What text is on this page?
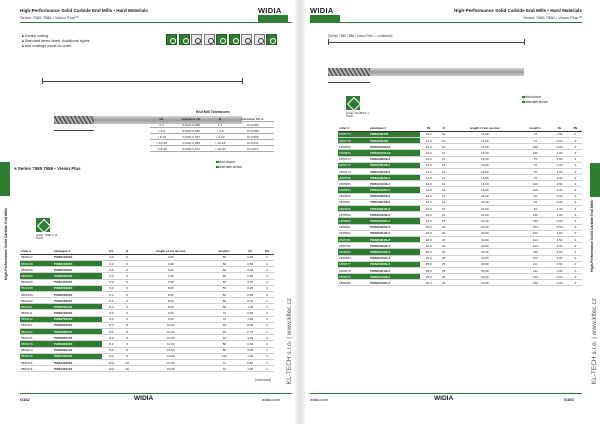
High-Performance Solid Carbide End Mills • Hard Materials
Series 7585 7586 • Vision Plus™
WIDIA
HANITA
■ Centre cutting.
■ Standard items listed. Additional styles
■ and coatings made-to-order.
End Mill Tolerances
D1	tolerance e8	D	tolerance h6 +/-
≤ 3	-0,014/-0,028	≤ 3	0/-0,006
> 3-6	-0,020/-0,038	> 3-6	0/-0,008
> 6-10	-0,025/-0,047	> 6-10	0/-0,009
> 10-18	-0,032/-0,059	> 10-18	0/-0,011
> 18-30	-0,040/-0,073	> 18-30	0/-0,013
first choice
alternate choice
■ Series 7585 7586 • Vision Plus
High-Performance Solid Carbide End Mills	grade: 7586 4-T1
TiAlN
order #	catalogue #	D1	D	length of cut ap max	length L	Rε	ZN
5860017	7586010002Z	3,0	6	4,00	50	0,25	4
5860018	7586010005Z	3,0	6	4,00	50	0,50	4
5860020	7586020005Z	4,0	6	6,00	50	0,50	4
5860022	7586030005Z	4,0	6	7,00	50	0,50	4
5860025	7586040005Z	5,0	6	7,00	50	0,50	4
5862108	7586050002Z	6,0	6	8,00	50	0,25	4
5862109	7586050005Z	6,0	6	8,00	50	0,50	4
5862110	7586050007Z	6,0	6	8,00	50	0,75	4
5862111	7586050010Z	6,0	6	8,00	50	1,00	4
5859011	7586070005Z	6,0	6	9,00	70	0,50	4
5859012	7586070010Z	6,0	6	9,00	70	1,00	4
5862112	7586080005Z	8,0	8	10,00	63	0,50	4
5862113	7586080007Z	8,0	8	10,00	63	0,75	4
5862114	7586080010Z	8,0	8	10,00	63	1,00	4
5866276	7586090005Z	8,0	8	12,00	80	0,50	4
5859014	7586090010Z	8,0	8	12,00	80	1,00	4
5859015	7586100010Z	8,0	8	12,00	100	1,00	4
5862115	7586100005Z	10,0	10	16,00	72	0,50	4
5862116	7586100010Z	10,0	10	16,00	72	1,00	4
(continued)
G162	WIDIA	widia.com
KL-TECH s.r.o. | www.kltec.cz
WIDIA
HANITA
High-Performance Solid Carbide End Mills • Hard Materials
Series 7585 7586 • Vision Plus™
(Series 7585 7586 • Vision Plus — continued)
grade: TiA-BNLT-1
TiAlN
first choice
alternate choice
order #	catalogue #	D1	D	length of cut ap max	length L	Rε	ZN
2565777	7586100015Z	10,0	10	16,00	72	1,50	4
2565778	7586100020Z	10,0	10	16,00	72	2,00	4
1856552	7586100100AZ	10,0	10	16,00	100	0,50	4
1856553	7586100101AZ	10,0	10	16,00	100	1,00	4
1856172	7586120005LZ	12,0	12	16,00	76	0,50	4
2565779	7586120010LZ	12,0	12	16,00	76	1,00	4
1856174	7586120015LZ	12,0	12	16,00	76	1,50	4
2565780	7586120020LZ	12,0	12	16,00	76	2,00	4
1856555	7586120100LZ	12,0	12	16,00	120	0,50	4
1856554	7586120101LZ	12,0	12	16,00	120	1,00	4
1856556	7586160005LZ	16,0	16	24,00	92	0,50	4
1856557	7586160010LZ	16,0	16	24,00	92	1,00	4
1856558	7586160015LZ	16,0	16	24,00	92	2,00	4
1856559	7586160100LZ	16,0	16	24,00	150	1,00	4
1856560	7586160101LZ	16,0	16	24,00	150	2,00	4
1856561	7586200005LZ	20,0	20	30,00	104	0,50	4
1856562	7586200010LZ	20,0	20	30,00	104	1,00	4
2565781	7586200015LZ	20,0	20	30,00	104	1,50	4
2565782	7586200020LZ	20,0	20	30,00	104	2,00	4
1856563	7586200100LZ	20,0	20	30,00	150	1,00	4
1856564	7586200101LZ	20,0	20	30,00	150	2,00	4
1856577	7586250005LZ	25,0	25	30,00	121	0,50	4
1856578	7586250010LZ	25,0	25	30,00	121	1,00	4
1856579	7586250100LZ	25,0	25	30,00	150	1,00	4
1856580	7586250101LZ	25,0	25	30,00	150	2,00	4
High-Performance Solid Carbide End Mills
widia.com	WIDIA	G163
KL-TECH s.r.o. | www.kltec.cz
